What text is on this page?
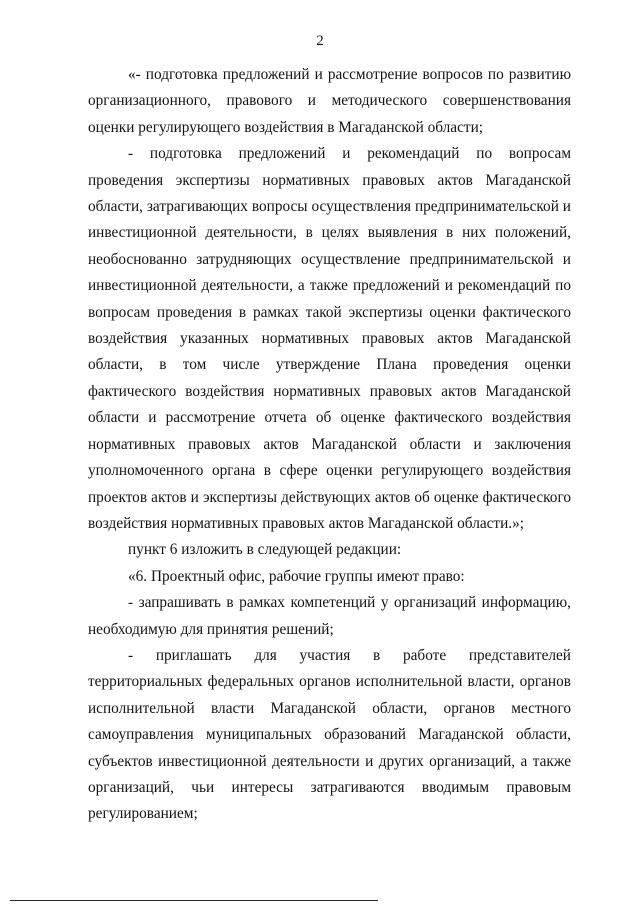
2

«- подготовка предложений и рассмотрение вопросов по развитию организационного, правового и методического совершенствования оценки регулирующего воздействия в Магаданской области;

- подготовка предложений и рекомендаций по вопросам проведения экспертизы нормативных правовых актов Магаданской области, затрагивающих вопросы осуществления предпринимательской и инвестиционной деятельности, в целях выявления в них положений, необоснованно затрудняющих осуществление предпринимательской и инвестиционной деятельности, а также предложений и рекомендаций по вопросам проведения в рамках такой экспертизы оценки фактического воздействия указанных нормативных правовых актов Магаданской области, в том числе утверждение Плана проведения оценки фактического воздействия нормативных правовых актов Магаданской области и рассмотрение отчета об оценке фактического воздействия нормативных правовых актов Магаданской области и заключения уполномоченного органа в сфере оценки регулирующего воздействия проектов актов и экспертизы действующих актов об оценке фактического воздействия нормативных правовых актов Магаданской области.»;

пункт 6 изложить в следующей редакции:

«6. Проектный офис, рабочие группы имеют право:

- запрашивать в рамках компетенций у организаций информацию, необходимую для принятия решений;

- приглашать для участия в работе представителей территориальных федеральных органов исполнительной власти, органов исполнительной власти Магаданской области, органов местного самоуправления муниципальных образований Магаданской области, субъектов инвестиционной деятельности и других организаций, а также организаций, чьи интересы затрагиваются вводимым правовым регулированием;
